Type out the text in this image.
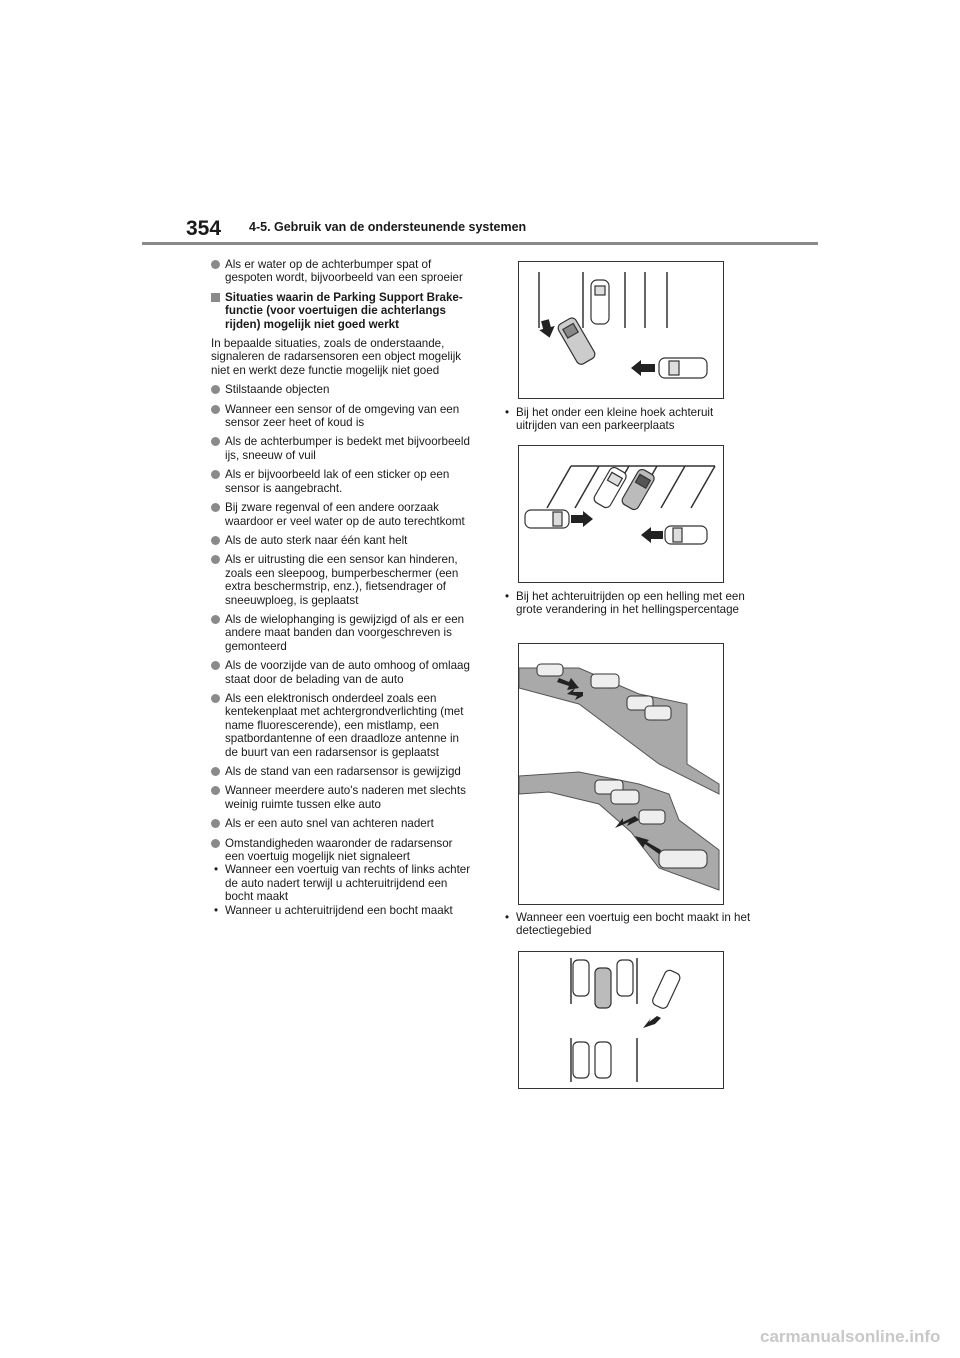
354 4-5. Gebruik van de ondersteunende systemen
Als er water op de achterbumper spat of gespoten wordt, bijvoorbeeld van een sproeier
Situaties waarin de Parking Support Brake-functie (voor voertuigen die achterlangs rijden) mogelijk niet goed werkt

In bepaalde situaties, zoals de onderstaande, signaleren de radarsensoren een object mogelijk niet en werkt deze functie mogelijk niet goed

Stilstaande objecten
Wanneer een sensor of de omgeving van een sensor zeer heet of koud is
Als de achterbumper is bedekt met bijvoorbeeld ijs, sneeuw of vuil
Als er bijvoorbeeld lak of een sticker op een sensor is aangebracht.
Bij zware regenval of een andere oorzaak waardoor er veel water op de auto terechtkomt
Als de auto sterk naar één kant helt
Als er uitrusting die een sensor kan hinderen, zoals een sleepoog, bumperbeschermer (een extra beschermstrip, enz.), fietsendrager of sneeuwploeg, is geplaatst
Als de wielophanging is gewijzigd of als er een andere maat banden dan voorgeschreven is gemonteerd
Als de voorzijde van de auto omhoog of omlaag staat door de belading van de auto
Als een elektronisch onderdeel zoals een kentekenplaat met achtergrondverlichting (met name fluorescerende), een mistlamp, een spatbordantenne of een draadloze antenne in de buurt van een radarsensor is geplaatst
Als de stand van een radarsensor is gewijzigd
Wanneer meerdere auto's naderen met slechts weinig ruimte tussen elke auto
Als er een auto snel van achteren nadert
Omstandigheden waaronder de radarsensor een voertuig mogelijk niet signaleert
• Wanneer een voertuig van rechts of links achter de auto nadert terwijl u achteruitrijdend een bocht maakt
• Wanneer u achteruitrijdend een bocht maakt
• Bij het onder een kleine hoek achteruit uitrijden van een parkeerplaats
• Bij het achteruitrijden op een helling met een grote verandering in het hellingspercentage
• Wanneer een voertuig een bocht maakt in het detectiegebied
carmanualsonline.info
